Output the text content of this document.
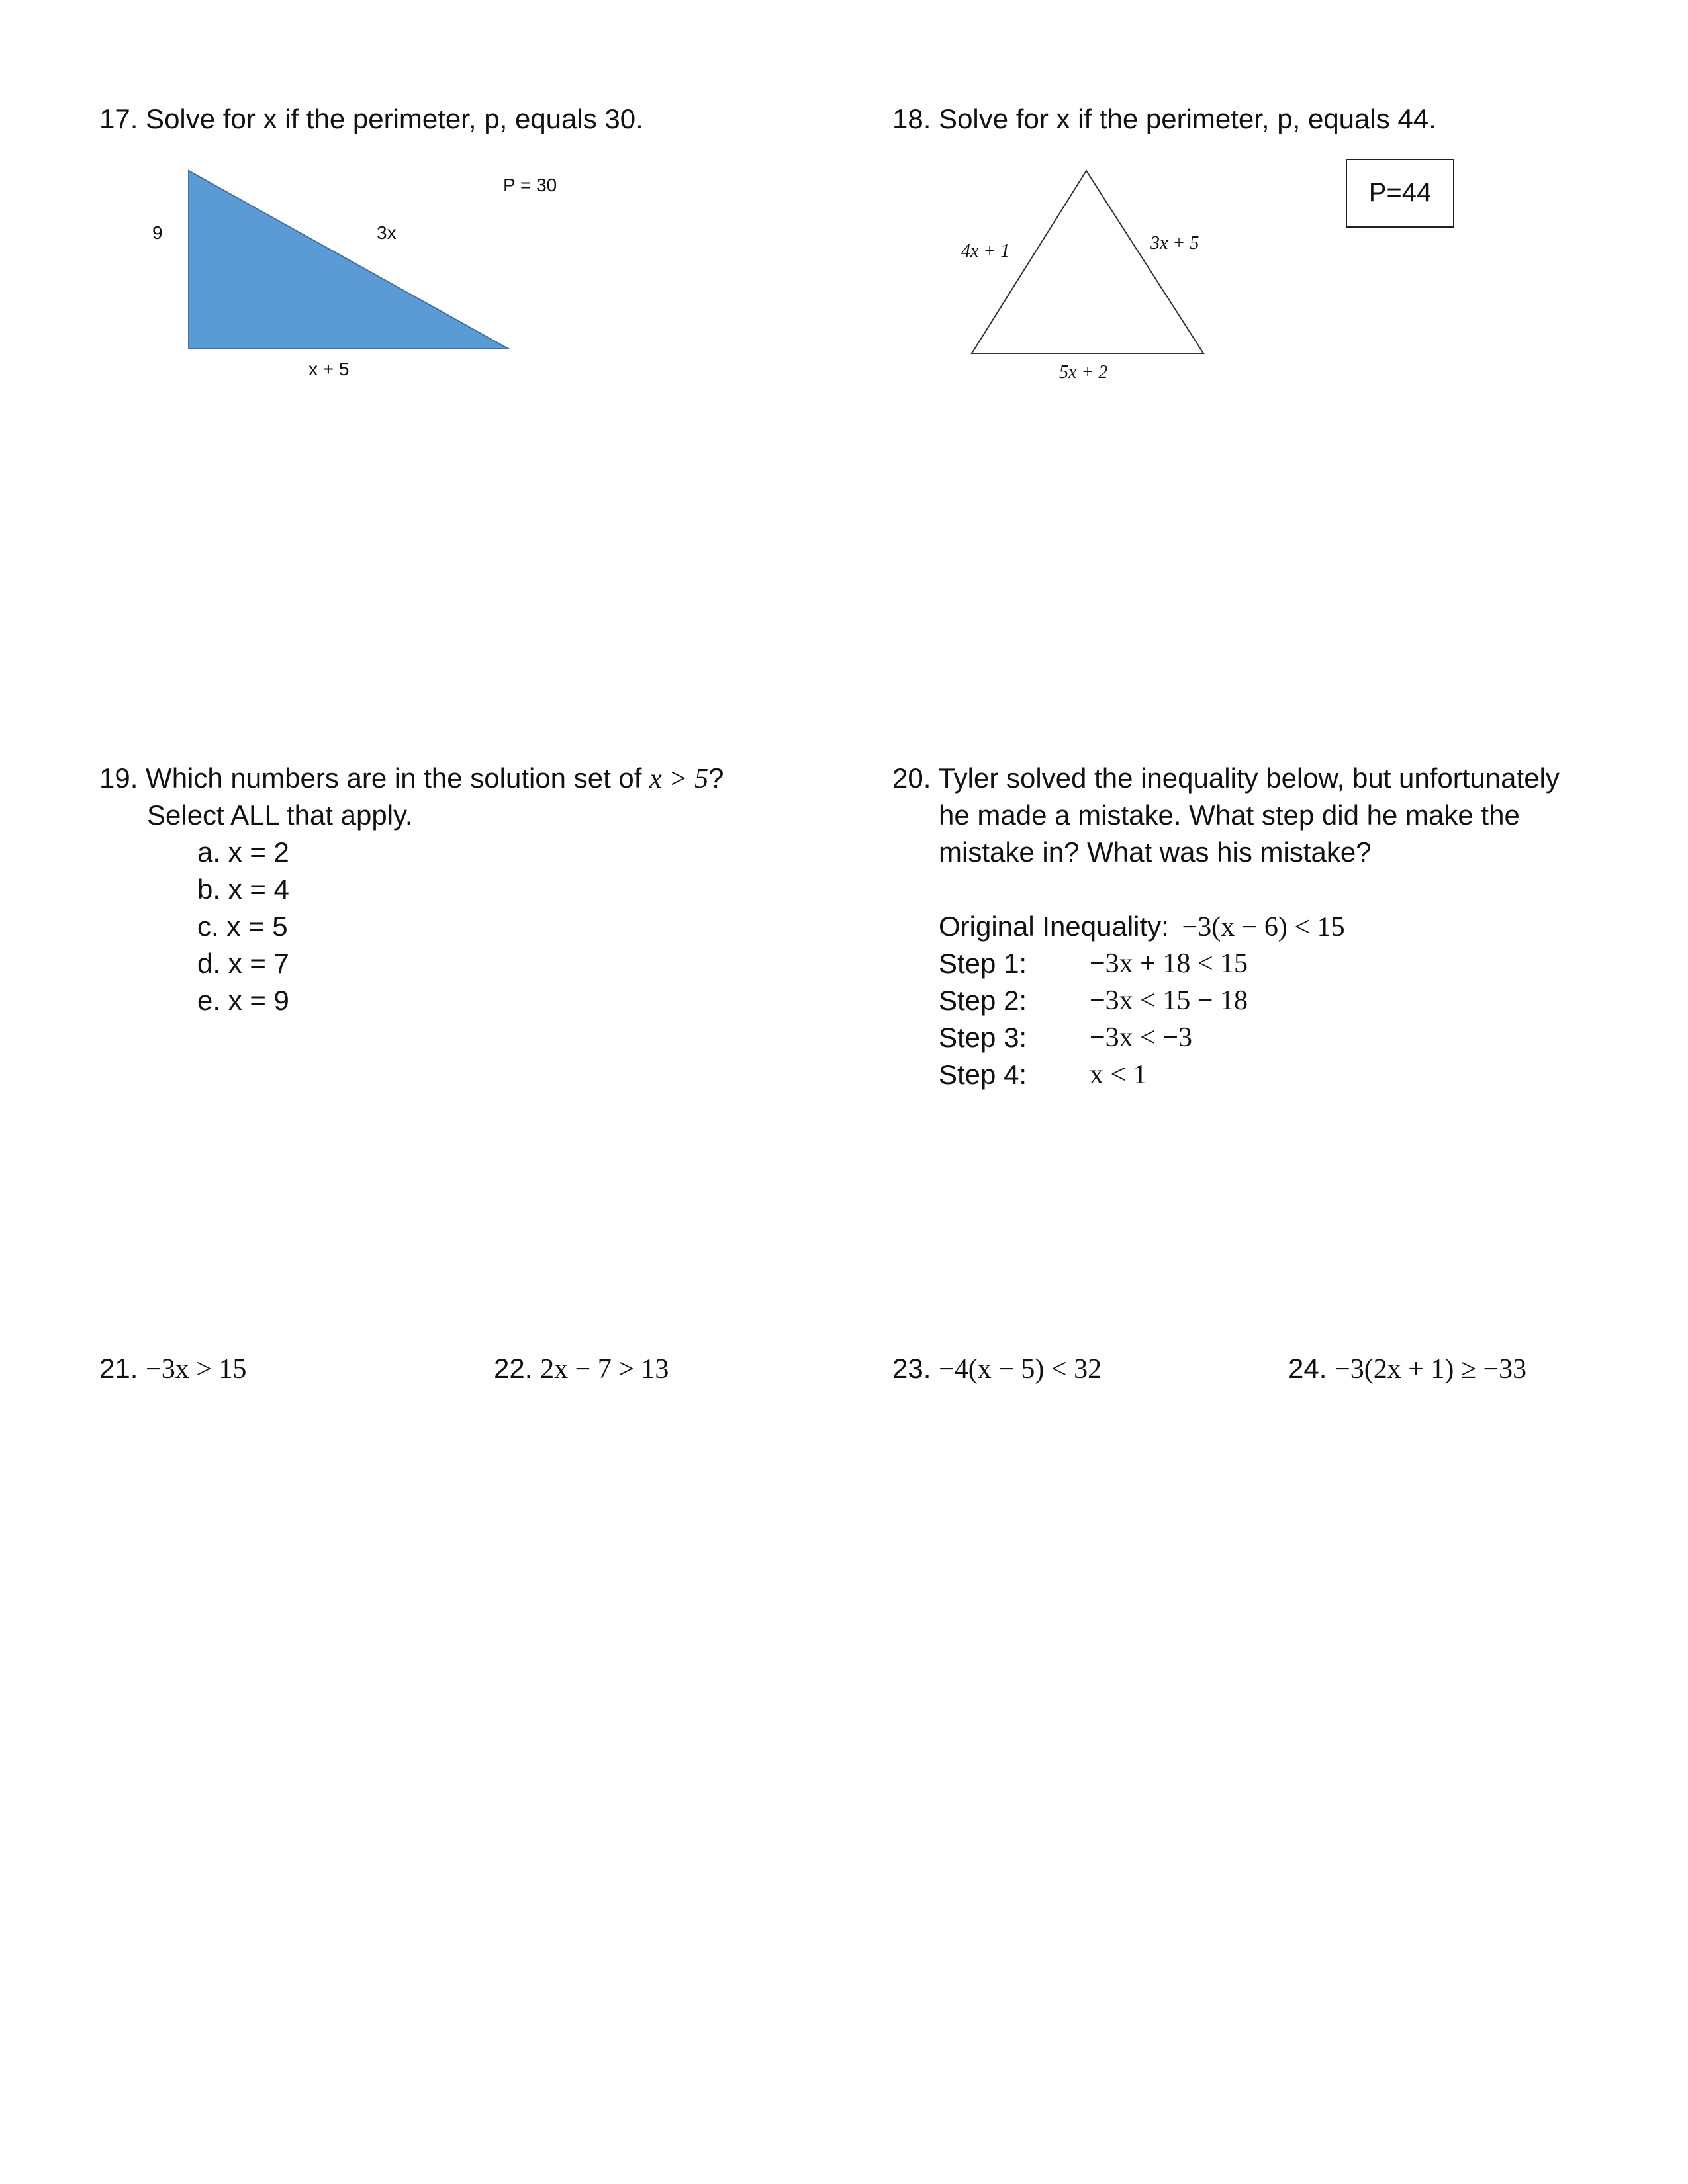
17. Solve for x if the perimeter, p, equals 30.
P = 30
9	3x
x + 5
18. Solve for x if the perimeter, p, equals 44.
P=44
4x + 1	3x + 5
5x + 2
19. Which numbers are in the solution set of x > 5?
Select ALL that apply.
a. x = 2
b. x = 4
c. x = 5
d. x = 7
e. x = 9
20. Tyler solved the inequality below, but unfortunately
he made a mistake. What step did he make the
mistake in? What was his mistake?
Original Inequality: −3(x − 6) < 15
Step 1: −3x + 18 < 15
Step 2: −3x < 15 − 18
Step 3: −3x < −3
Step 4: x < 1
21. −3x > 15	22. 2x − 7 > 13	23. −4(x − 5) < 32	24. −3(2x + 1) ≥ −33
